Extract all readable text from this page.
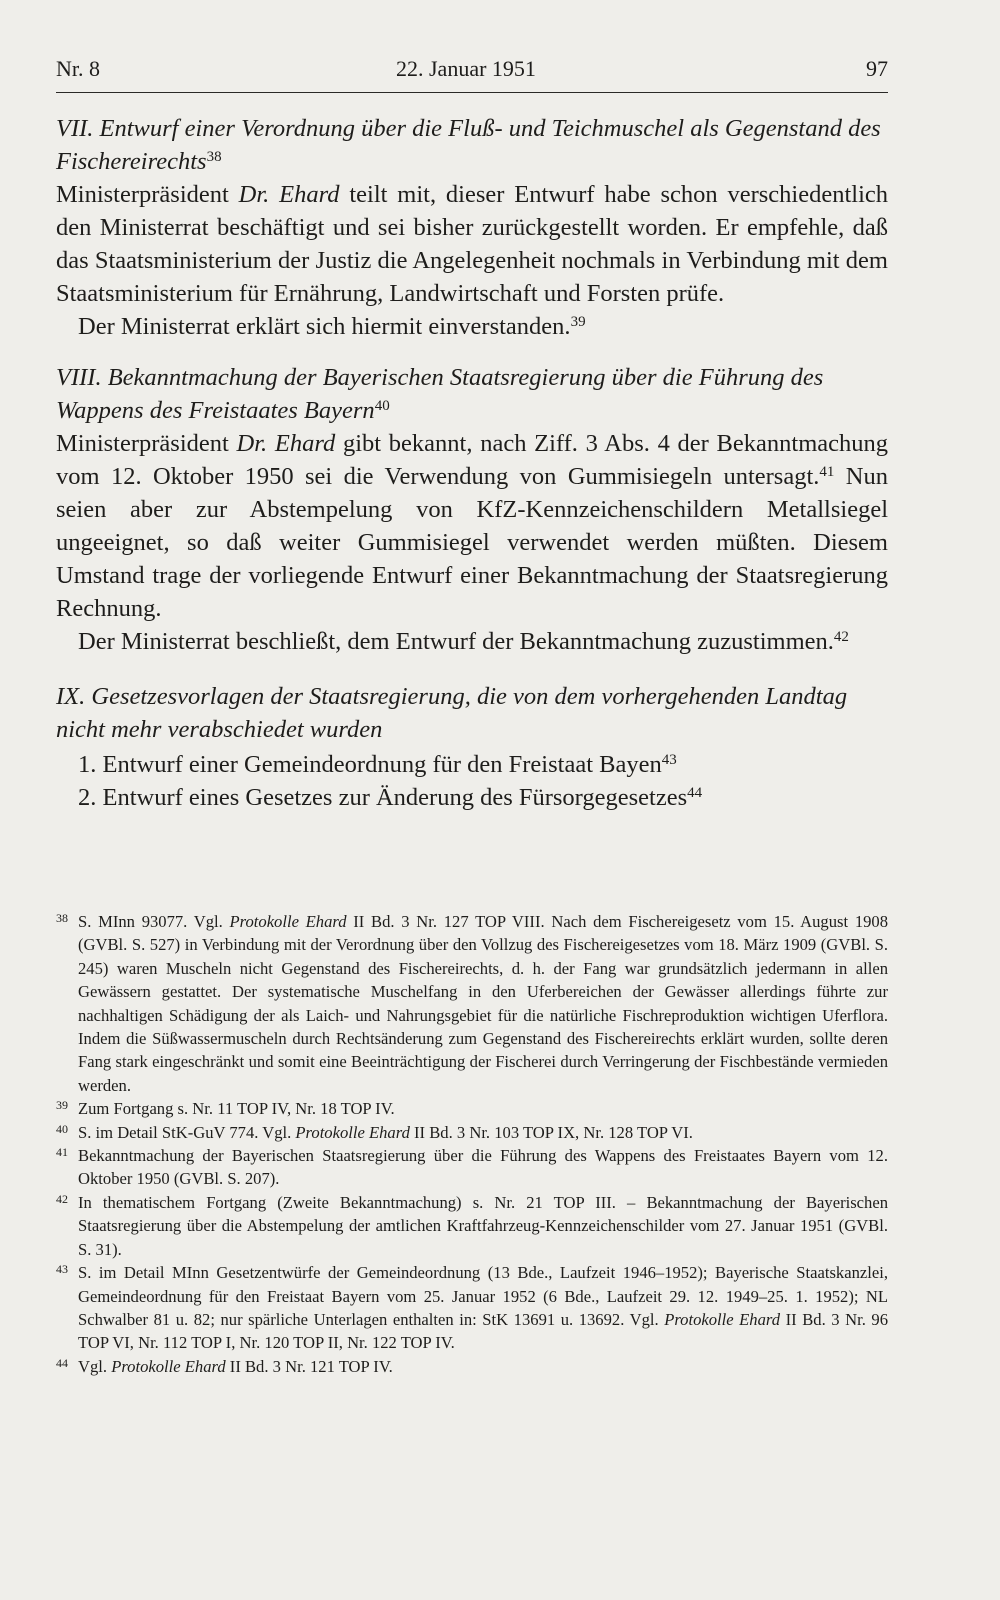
Nr. 8	22. Januar 1951	97

VII. Entwurf einer Verordnung über die Fluß- und Teichmuschel als Gegenstand des Fischereirechts$^{38}$

Ministerpräsident Dr. Ehard teilt mit, dieser Entwurf habe schon verschiedentlich den Ministerrat beschäftigt und sei bisher zurückgestellt worden. Er empfehle, daß das Staatsministerium der Justiz die Angelegenheit nochmals in Verbindung mit dem Staatsministerium für Ernährung, Landwirtschaft und Forsten prüfe.

Der Ministerrat erklärt sich hiermit einverstanden.$^{39}$

VIII. Bekanntmachung der Bayerischen Staatsregierung über die Führung des Wappens des Freistaates Bayern$^{40}$

Ministerpräsident Dr. Ehard gibt bekannt, nach Ziff. 3 Abs. 4 der Bekanntmachung vom 12. Oktober 1950 sei die Verwendung von Gummisiegeln untersagt.$^{41}$ Nun seien aber zur Abstempelung von KfZ-Kennzeichenschildern Metallsiegel ungeeignet, so daß weiter Gummisiegel verwendet werden müßten. Diesem Umstand trage der vorliegende Entwurf einer Bekanntmachung der Staatsregierung Rechnung.

Der Ministerrat beschließt, dem Entwurf der Bekanntmachung zuzustimmen.$^{42}$

IX. Gesetzesvorlagen der Staatsregierung, die von dem vorhergehenden Landtag nicht mehr verabschiedet wurden

1. Entwurf einer Gemeindeordnung für den Freistaat Bayen$^{43}$
2. Entwurf eines Gesetzes zur Änderung des Fürsorgegesetzes$^{44}$

38 S. MInn 93077. Vgl. Protokolle Ehard II Bd. 3 Nr. 127 TOP VIII. Nach dem Fischereigesetz vom 15. August 1908 (GVBl. S. 527) in Verbindung mit der Verordnung über den Vollzug des Fischereigesetzes vom 18. März 1909 (GVBl. S. 245) waren Muscheln nicht Gegenstand des Fischereirechts, d. h. der Fang war grundsätzlich jedermann in allen Gewässern gestattet. Der systematische Muschelfang in den Uferbereichen der Gewässer allerdings führte zur nachhaltigen Schädigung der als Laich- und Nahrungsgebiet für die natürliche Fischreproduktion wichtigen Uferflora. Indem die Süßwassermuscheln durch Rechtsänderung zum Gegenstand des Fischereirechts erklärt wurden, sollte deren Fang stark eingeschränkt und somit eine Beeinträchtigung der Fischerei durch Verringerung der Fischbestände vermieden werden.

39 Zum Fortgang s. Nr. 11 TOP IV, Nr. 18 TOP IV.

40 S. im Detail StK-GuV 774. Vgl. Protokolle Ehard II Bd. 3 Nr. 103 TOP IX, Nr. 128 TOP VI.

41 Bekanntmachung der Bayerischen Staatsregierung über die Führung des Wappens des Freistaates Bayern vom 12. Oktober 1950 (GVBl. S. 207).

42 In thematischem Fortgang (Zweite Bekanntmachung) s. Nr. 21 TOP III. – Bekanntmachung der Bayerischen Staatsregierung über die Abstempelung der amtlichen Kraftfahrzeug-Kennzeichenschilder vom 27. Januar 1951 (GVBl. S. 31).

43 S. im Detail MInn Gesetzentwürfe der Gemeindeordnung (13 Bde., Laufzeit 1946–1952); Bayerische Staatskanzlei, Gemeindeordnung für den Freistaat Bayern vom 25. Januar 1952 (6 Bde., Laufzeit 29. 12. 1949–25. 1. 1952); NL Schwalber 81 u. 82; nur spärliche Unterlagen enthalten in: StK 13691 u. 13692. Vgl. Protokolle Ehard II Bd. 3 Nr. 96 TOP VI, Nr. 112 TOP I, Nr. 120 TOP II, Nr. 122 TOP IV.

44 Vgl. Protokolle Ehard II Bd. 3 Nr. 121 TOP IV.
